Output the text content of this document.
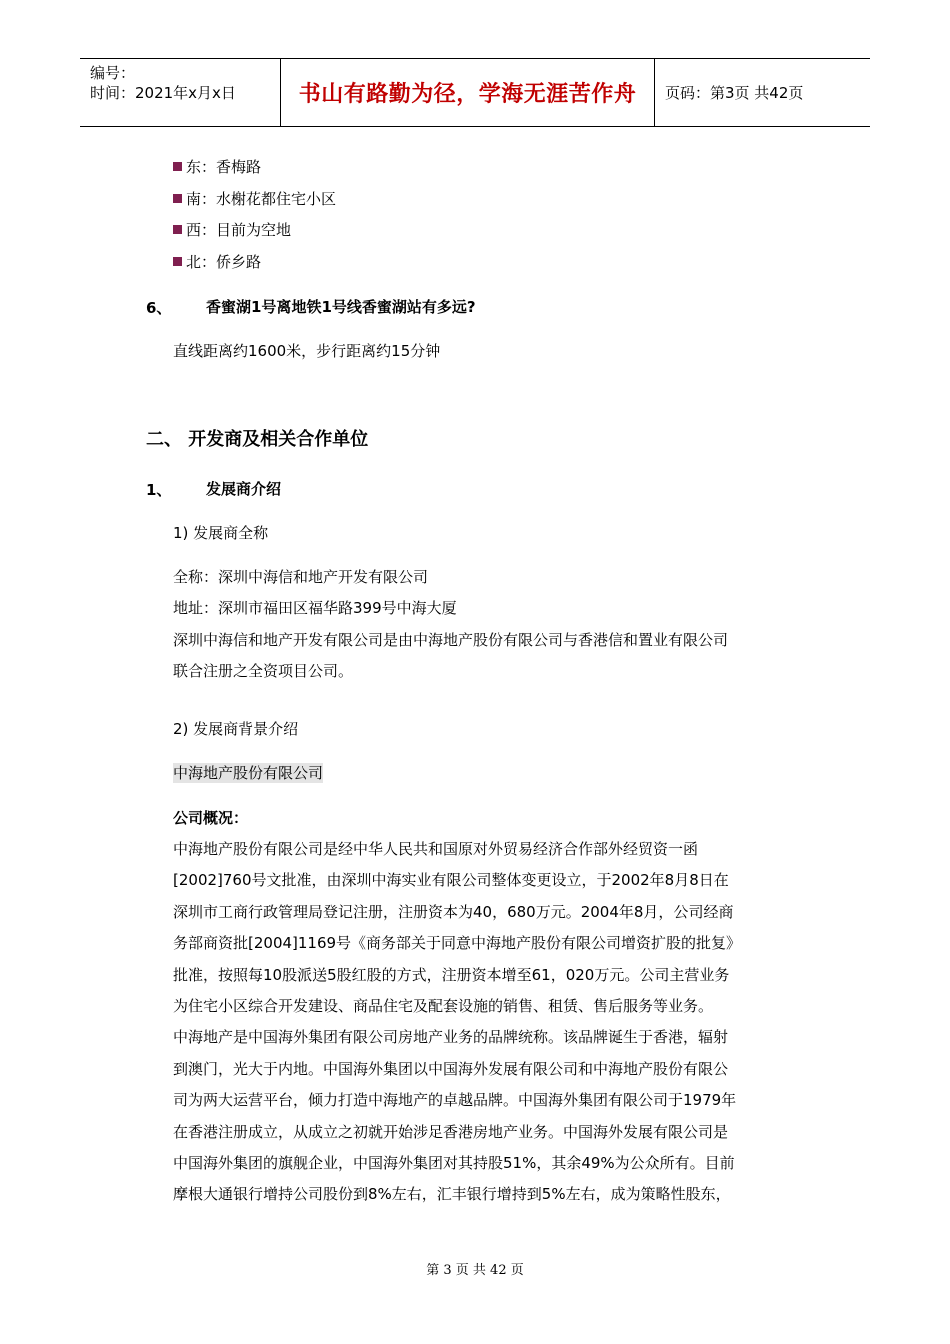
编号：
时间：2021年x月x日	书山有路勤为径，学海无涯苦作舟	页码：第3页 共42页
东：香梅路
南：水榭花都住宅小区
西：目前为空地
北：侨乡路
6、 香蜜湖1号离地铁1号线香蜜湖站有多远?
直线距离约1600米，步行距离约15分钟
二、 开发商及相关合作单位
1、 发展商介绍
1) 发展商全称
全称：深圳中海信和地产开发有限公司
地址：深圳市福田区福华路399号中海大厦
深圳中海信和地产开发有限公司是由中海地产股份有限公司与香港信和置业有限公司
联合注册之全资项目公司。
2) 发展商背景介绍
中海地产股份有限公司
公司概况：
中海地产股份有限公司是经中华人民共和国原对外贸易经济合作部外经贸资一函
[2002]760号文批准，由深圳中海实业有限公司整体变更设立，于2002年8月8日在
深圳市工商行政管理局登记注册，注册资本为40，680万元。2004年8月，公司经商
务部商资批[2004]1169号《商务部关于同意中海地产股份有限公司增资扩股的批复》
批准，按照每10股派送5股红股的方式，注册资本增至61，020万元。公司主营业务
为住宅小区综合开发建设、商品住宅及配套设施的销售、租赁、售后服务等业务。
中海地产是中国海外集团有限公司房地产业务的品牌统称。该品牌诞生于香港，辐射
到澳门，光大于内地。中国海外集团以中国海外发展有限公司和中海地产股份有限公
司为两大运营平台，倾力打造中海地产的卓越品牌。中国海外集团有限公司于1979年
在香港注册成立，从成立之初就开始涉足香港房地产业务。中国海外发展有限公司是
中国海外集团的旗舰企业，中国海外集团对其持股51%，其余49%为公众所有。目前
摩根大通银行增持公司股份到8%左右，汇丰银行增持到5%左右，成为策略性股东，
第 3 页 共 42 页
